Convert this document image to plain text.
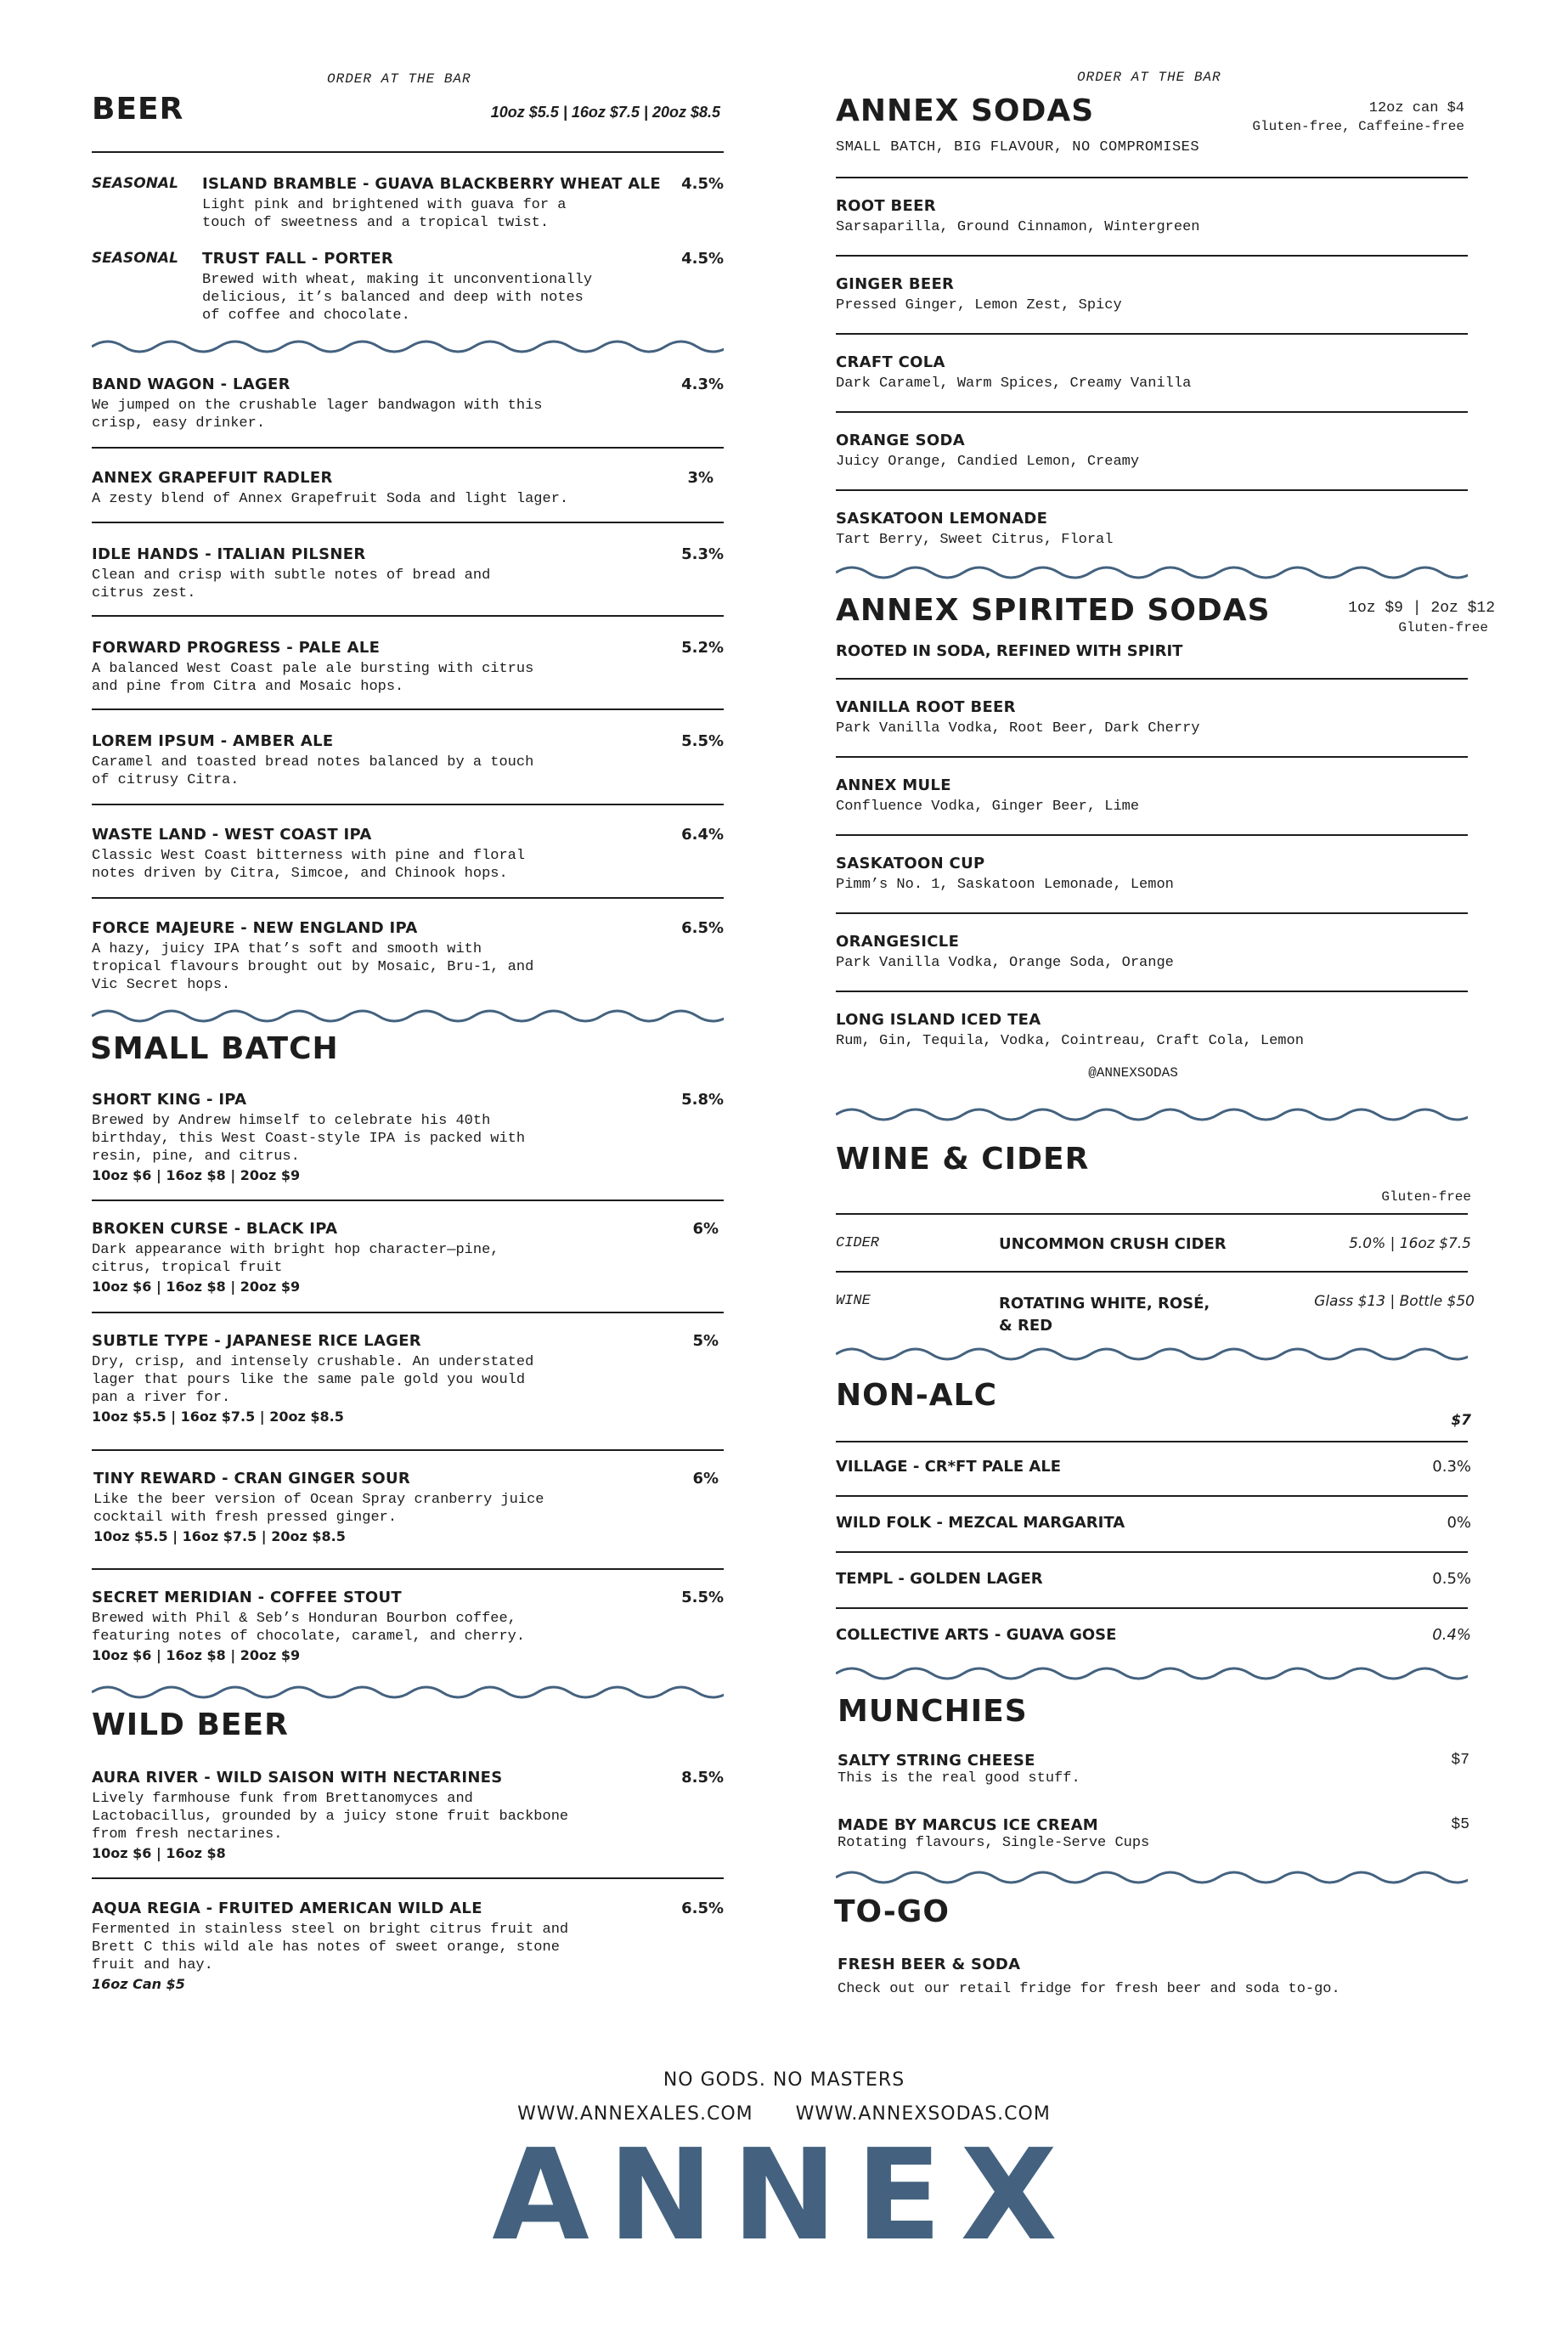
ORDER AT THE BAR
BEER	10oz $5.5 | 16oz $7.5 | 20oz $8.5
SEASONAL ISLAND BRAMBLE - GUAVA BLACKBERRY WHEAT ALE
Light pink and brightened with guava for a
touch of sweetness and a tropical twist.
4.5%
SEASONAL TRUST FALL - PORTER
Brewed with wheat, making it unconventionally
delicious, it’s balanced and deep with notes
of coffee and chocolate.
4.5%
BAND WAGON - LAGER
We jumped on the crushable lager bandwagon with this
crisp, easy drinker.
4.3%
ANNEX GRAPEFUIT RADLER
A zesty blend of Annex Grapefruit Soda and light lager.
3%
IDLE HANDS - ITALIAN PILSNER
Clean and crisp with subtle notes of bread and
citrus zest.
5.3%
FORWARD PROGRESS - PALE ALE
A balanced West Coast pale ale bursting with citrus
and pine from Citra and Mosaic hops.
5.2%
LOREM IPSUM - AMBER ALE
Caramel and toasted bread notes balanced by a touch
of citrusy Citra.
5.5%
WASTE LAND - WEST COAST IPA
Classic West Coast bitterness with pine and floral
notes driven by Citra, Simcoe, and Chinook hops.
6.4%
FORCE MAJEURE - NEW ENGLAND IPA
A hazy, juicy IPA that’s soft and smooth with
tropical flavours brought out by Mosaic, Bru-1, and
Vic Secret hops.
6.5%
SMALL BATCH
SHORT KING - IPA
Brewed by Andrew himself to celebrate his 40th
birthday, this West Coast-style IPA is packed with
resin, pine, and citrus.
10oz $6 | 16oz $8 | 20oz $9
5.8%
BROKEN CURSE - BLACK IPA
Dark appearance with bright hop character—pine,
citrus, tropical fruit
10oz $6 | 16oz $8 | 20oz $9
6%
SUBTLE TYPE - JAPANESE RICE LAGER
Dry, crisp, and intensely crushable. An understated
lager that pours like the same pale gold you would
pan a river for.
10oz $5.5 | 16oz $7.5 | 20oz $8.5
5%
TINY REWARD - CRAN GINGER SOUR
Like the beer version of Ocean Spray cranberry juice
cocktail with fresh pressed ginger.
10oz $5.5 | 16oz $7.5 | 20oz $8.5
6%
SECRET MERIDIAN - COFFEE STOUT
Brewed with Phil & Seb’s Honduran Bourbon coffee,
featuring notes of chocolate, caramel, and cherry.
10oz $6 | 16oz $8 | 20oz $9
5.5%
WILD BEER
AURA RIVER - WILD SAISON WITH NECTARINES
Lively farmhouse funk from Brettanomyces and
Lactobacillus, grounded by a juicy stone fruit backbone
from fresh nectarines.
10oz $6 | 16oz $8
8.5%
AQUA REGIA - FRUITED AMERICAN WILD ALE
Fermented in stainless steel on bright citrus fruit and
Brett C this wild ale has notes of sweet orange, stone
fruit and hay.
16oz Can $5
6.5%
ORDER AT THE BAR
ANNEX SODAS	12oz can $4
Gluten-free, Caffeine-free
SMALL BATCH, BIG FLAVOUR, NO COMPROMISES
ROOT BEER
Sarsaparilla, Ground Cinnamon, Wintergreen
GINGER BEER
Pressed Ginger, Lemon Zest, Spicy
CRAFT COLA
Dark Caramel, Warm Spices, Creamy Vanilla
ORANGE SODA
Juicy Orange, Candied Lemon, Creamy
SASKATOON LEMONADE
Tart Berry, Sweet Citrus, Floral
ANNEX SPIRITED SODAS	1oz $9 | 2oz $12
Gluten-free
ROOTED IN SODA, REFINED WITH SPIRIT
VANILLA ROOT BEER
Park Vanilla Vodka, Root Beer, Dark Cherry
ANNEX MULE
Confluence Vodka, Ginger Beer, Lime
SASKATOON CUP
Pimm’s No. 1, Saskatoon Lemonade, Lemon
ORANGESICLE
Park Vanilla Vodka, Orange Soda, Orange
LONG ISLAND ICED TEA
Rum, Gin, Tequila, Vodka, Cointreau, Craft Cola, Lemon
@ANNEXSODAS
WINE & CIDER
Gluten-free
CIDER	UNCOMMON CRUSH CIDER	5.0% | 16oz $7.5
WINE	ROTATING WHITE, ROSÉ,
& RED
Glass $13 | Bottle $50
NON-ALC
$7
VILLAGE - CR*FT PALE ALE	0.3%
WILD FOLK - MEZCAL MARGARITA	0%
TEMPL - GOLDEN LAGER	0.5%
COLLECTIVE ARTS - GUAVA GOSE	0.4%
MUNCHIES
SALTY STRING CHEESE
This is the real good stuff.
$7
MADE BY MARCUS ICE CREAM
Rotating flavours, Single-Serve Cups
$5
TO-GO
FRESH BEER & SODA
Check out our retail fridge for fresh beer and soda to-go.
NO GODS. NO MASTERS
WWW.ANNEXALES.COM WWW.ANNEXSODAS.COM
ANNEX
